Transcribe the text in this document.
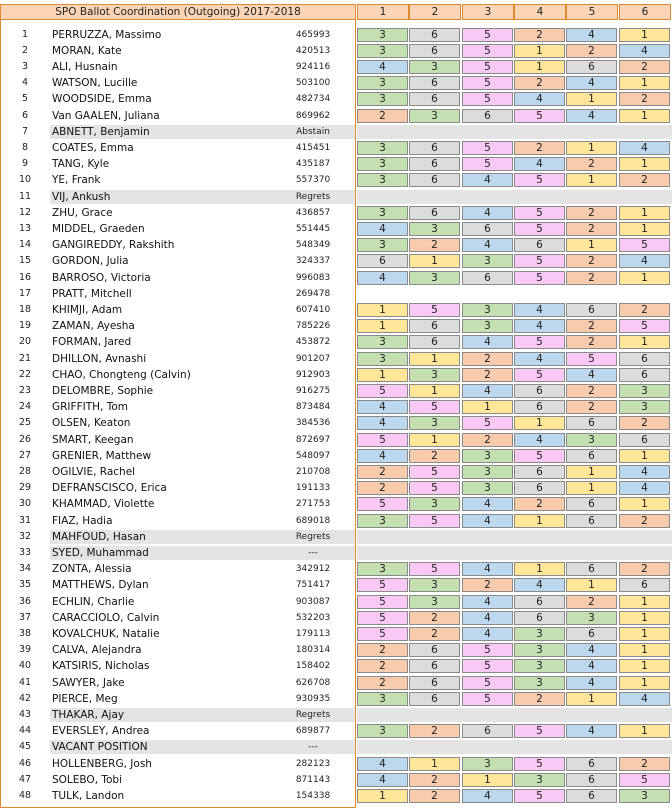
SPO Ballot Coordination (Outgoing) 2017-2018	1	2	3	4	5	6
1	PERRUZZA, Massimo	465993	3	6	5	2	4	1
2	MORAN, Kate	420513	3	6	5	1	2	4
3	ALI, Husnain	924116	4	3	5	1	6	2
4	WATSON, Lucille	503100	3	6	5	2	4	1
5	WOODSIDE, Emma	482734	3	6	5	4	1	2
6	Van GAALEN, Juliana	869962	2	3	6	5	4	1
7	ABNETT, Benjamin	Abstain
8	COATES, Emma	415451	3	6	5	2	1	4
9	TANG, Kyle	435187	3	6	5	4	2	1
10	YE, Frank	557370	3	6	4	5	1	2
11	VIJ, Ankush	Regrets
12	ZHU, Grace	436857	3	6	4	5	2	1
13	MIDDEL, Graeden	551445	4	3	6	5	2	1
14	GANGIREDDY, Rakshith	548349	3	2	4	6	1	5
15	GORDON, Julia	324337	6	1	3	5	2	4
16	BARROSO, Victoria	996083	4	3	6	5	2	1
17	PRATT, Mitchell	269478
18	KHIMJI, Adam	607410	1	5	3	4	6	2
19	ZAMAN, Ayesha	785226	1	6	3	4	2	5
20	FORMAN, Jared	453872	3	6	4	5	2	1
21	DHILLON, Avnashi	901207	3	1	2	4	5	6
22	CHAO, Chongteng (Calvin)	912903	1	3	2	5	4	6
23	DELOMBRE, Sophie	916275	5	1	4	6	2	3
24	GRIFFITH, Tom	873484	4	5	1	6	2	3
25	OLSEN, Keaton	384536	4	3	5	1	6	2
26	SMART, Keegan	872697	5	1	2	4	3	6
27	GRENIER, Matthew	548097	4	2	3	5	6	1
28	OGILVIE, Rachel	210708	2	5	3	6	1	4
29	DEFRANSCISCO, Erica	191133	2	5	3	6	1	4
30	KHAMMAD, Violette	271753	5	3	4	2	6	1
31	FIAZ, Hadia	689018	3	5	4	1	6	2
32	MAHFOUD, Hasan	Regrets
33	SYED, Muhammad	---
34	ZONTA, Alessia	342912	3	5	4	1	6	2
35	MATTHEWS, Dylan	751417	5	3	2	4	1	6
36	ECHLIN, Charlie	903087	5	3	4	6	2	1
37	CARACCIOLO, Calvin	532203	5	2	4	6	3	1
38	KOVALCHUK, Natalie	179113	5	2	4	3	6	1
39	CALVA, Alejandra	180314	2	6	5	3	4	1
40	KATSIRIS, Nicholas	158402	2	6	5	3	4	1
41	SAWYER, Jake	626708	2	6	5	3	4	1
42	PIERCE, Meg	930935	3	6	5	2	1	4
43	THAKAR, Ajay	Regrets
44	EVERSLEY, Andrea	689877	3	2	6	5	4	1
45	VACANT POSITION	---
46	HOLLENBERG, Josh	282123	4	1	3	5	6	2
47	SOLEBO, Tobi	871143	4	2	1	3	6	5
48	TULK, Landon	154338	1	2	4	5	6	3
